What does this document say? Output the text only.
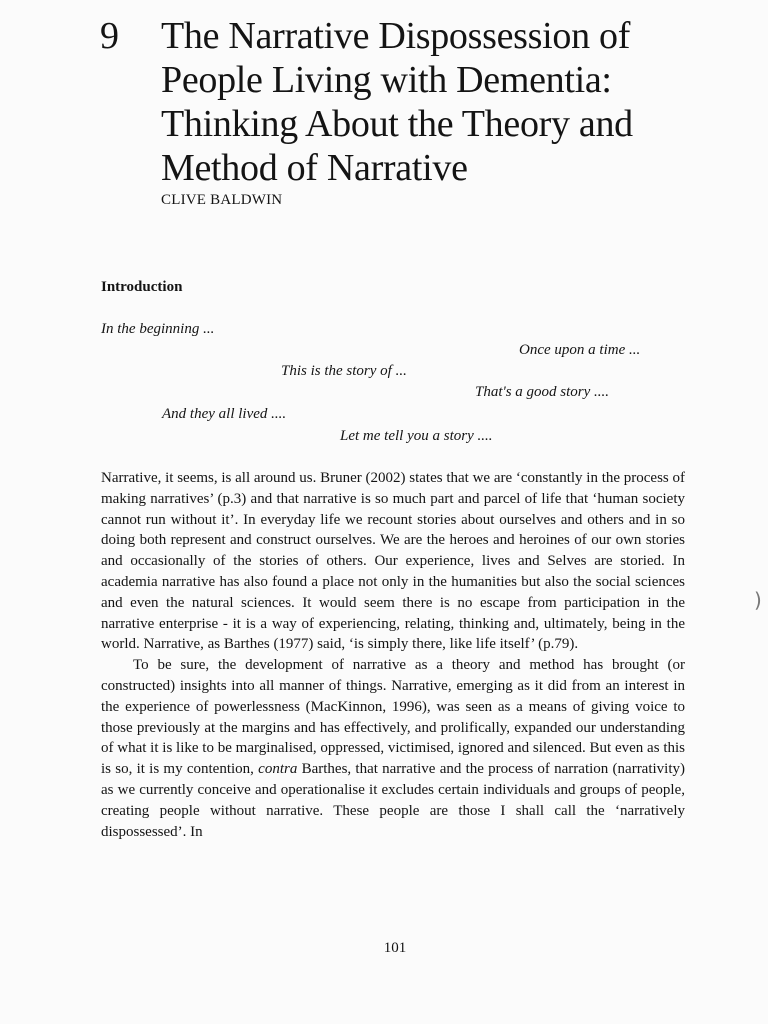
9 The Narrative Dispossession of People Living with Dementia: Thinking About the Theory and Method of Narrative
CLIVE BALDWIN
Introduction
In the beginning ...
Once upon a time ...
This is the story of ...
That's a good story ....
And they all lived ....
Let me tell you a story ....

Narrative, it seems, is all around us. Bruner (2002) states that we are ‘constantly in the process of making narratives’ (p.3) and that narrative is so much part and parcel of life that ‘human society cannot run without it’. In everyday life we recount stories about ourselves and others and in so doing both represent and construct ourselves. We are the heroes and heroines of our own stories and occasionally of the stories of others. Our experience, lives and Selves are storied. In academia narrative has also found a place not only in the humanities but also the social sciences and even the natural sciences. It would seem there is no escape from participation in the narrative enterprise - it is a way of experiencing, relating, thinking and, ultimately, being in the world. Narrative, as Barthes (1977) said, ‘is simply there, like life itself’ (p.79).

To be sure, the development of narrative as a theory and method has brought (or constructed) insights into all manner of things. Narrative, emerging as it did from an interest in the experience of powerlessness (MacKinnon, 1996), was seen as a means of giving voice to those previously at the margins and has effectively, and prolifically, expanded our understanding of what it is like to be marginalised, oppressed, victimised, ignored and silenced. But even as this is so, it is my contention, contra Barthes, that narrative and the process of narration (narrativity) as we currently conceive and operationalise it excludes certain individuals and groups of people, creating people without narrative. These people are those I shall call the ‘narratively dispossessed’. In

101
)
